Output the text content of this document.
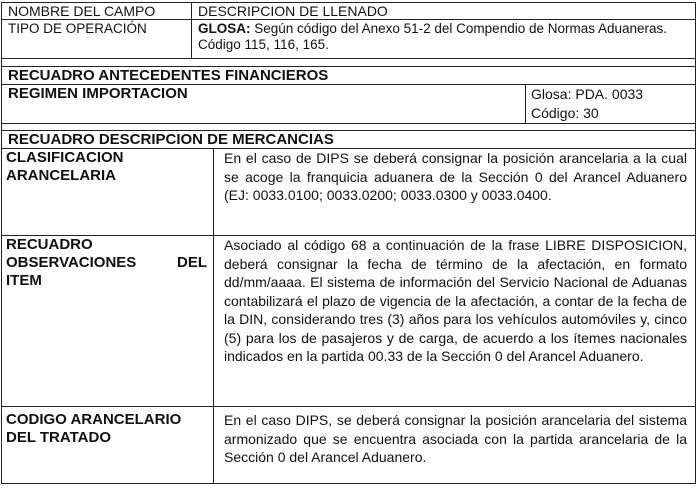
NOMBRE DEL CAMPO	DESCRIPCION DE LLENADO		
TIPO DE OPERACIÓN	GLOSA: Según código del Anexo 51-2 del Compendio de Normas Aduaneras. Código 115, 116, 165.		

RECUADRO ANTECEDENTES FINANCIEROS			
REGIMEN IMPORTACION			Glosa: PDA. 0033
Código: 30

RECUADRO DESCRIPCION DE MERCANCIAS			
CLASIFICACION ARANCELARIA		En el caso de DIPS se deberá consignar la posición arancelaria a la cual se acoge la franquicia aduanera de la Sección 0 del Arancel Aduanero (EJ: 0033.0100; 0033.0200; 0033.0300 y 0033.0400.	
RECUADRO OBSERVACIONES DEL ITEM		Asociado al código 68 a continuación de la frase LIBRE DISPOSICION, deberá consignar la fecha de término de la afectación, en formato dd/mm/aaaa. El sistema de información del Servicio Nacional de Aduanas contabilizará el plazo de vigencia de la afectación, a contar de la fecha de la DIN, considerando tres (3) años para los vehículos automóviles y, cinco (5) para los de pasajeros y de carga, de acuerdo a los ítemes nacionales indicados en la partida 00.33 de la Sección 0 del Arancel Aduanero.	
CODIGO ARANCELARIO DEL TRATADO		En el caso DIPS, se deberá consignar la posición arancelaria del sistema armonizado que se encuentra asociada con la partida arancelaria de la Sección 0 del Arancel Aduanero.	
